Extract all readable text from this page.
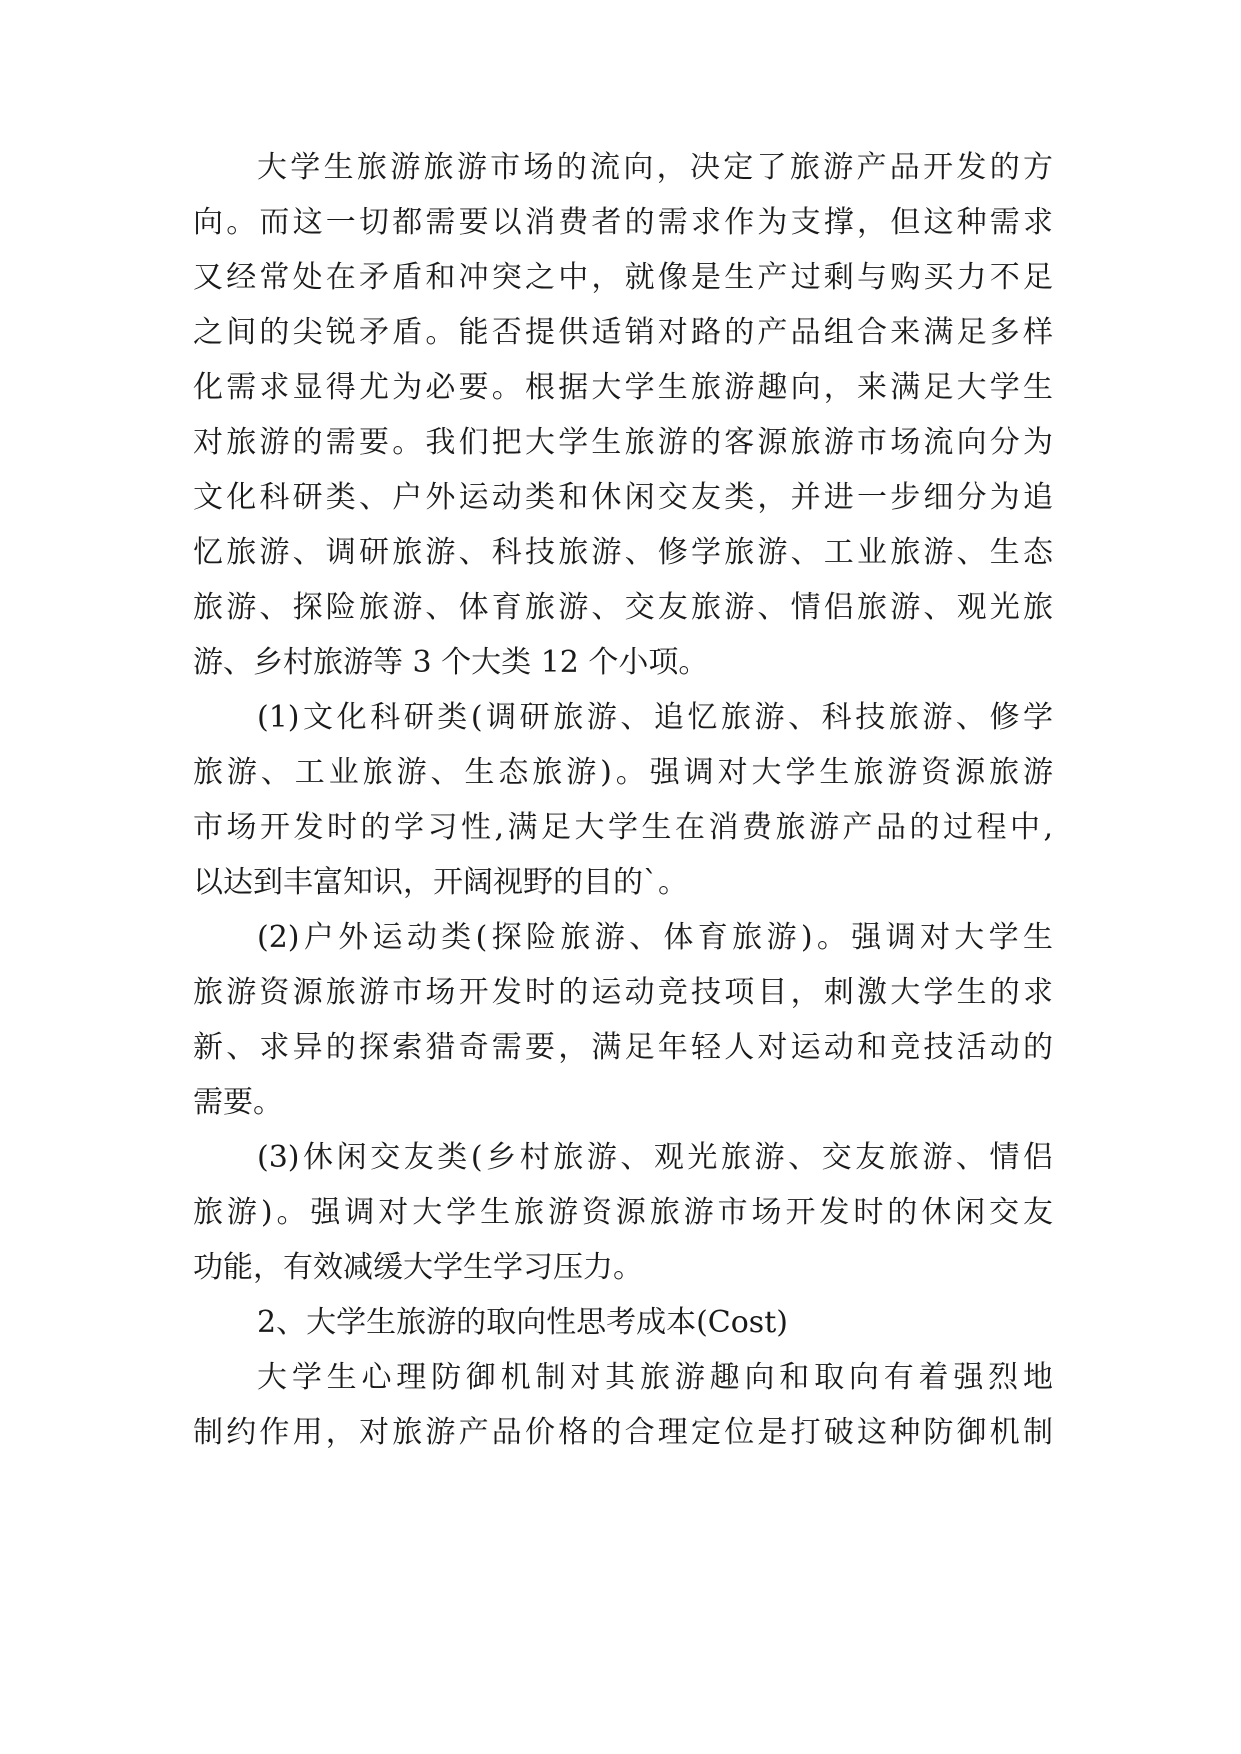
大学生旅游旅游市场的流向，决定了旅游产品开发的方
向。而这一切都需要以消费者的需求作为支撑，但这种需求
又经常处在矛盾和冲突之中，就像是生产过剩与购买力不足
之间的尖锐矛盾。能否提供适销对路的产品组合来满足多样
化需求显得尤为必要。根据大学生旅游趣向，来满足大学生
对旅游的需要。我们把大学生旅游的客源旅游市场流向分为
文化科研类、户外运动类和休闲交友类，并进一步细分为追
忆旅游、调研旅游、科技旅游、修学旅游、工业旅游、生态
旅游、探险旅游、体育旅游、交友旅游、情侣旅游、观光旅
游、乡村旅游等 3 个大类 12 个小项。
(1)文化科研类(调研旅游、追忆旅游、科技旅游、修学
旅游、工业旅游、生态旅游)。强调对大学生旅游资源旅游
市场开发时的学习性,满足大学生在消费旅游产品的过程中,
以达到丰富知识，开阔视野的目的`。
(2)户外运动类(探险旅游、体育旅游)。强调对大学生
旅游资源旅游市场开发时的运动竞技项目，刺激大学生的求
新、求异的探索猎奇需要，满足年轻人对运动和竞技活动的
需要。
(3)休闲交友类(乡村旅游、观光旅游、交友旅游、情侣
旅游)。强调对大学生旅游资源旅游市场开发时的休闲交友
功能，有效减缓大学生学习压力。
2、大学生旅游的取向性思考成本(Cost)
大学生心理防御机制对其旅游趣向和取向有着强烈地
制约作用，对旅游产品价格的合理定位是打破这种防御机制
